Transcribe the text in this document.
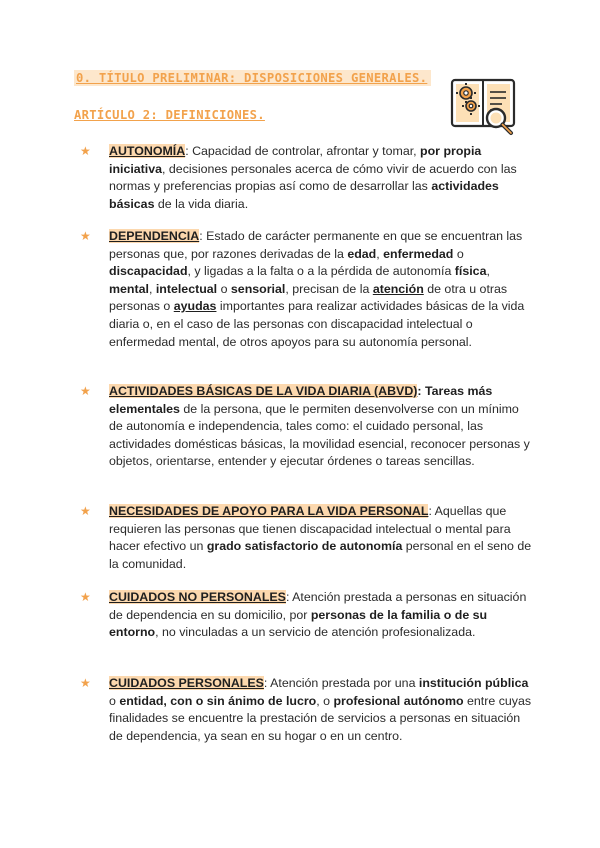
0. TÍTULO PRELIMINAR: DISPOSICIONES GENERALES.
ARTÍCULO 2: DEFINICIONES.
★ AUTONOMÍA: Capacidad de controlar, afrontar y tomar, por propia iniciativa, decisiones personales acerca de cómo vivir de acuerdo con las normas y preferencias propias así como de desarrollar las actividades básicas de la vida diaria.
★ DEPENDENCIA: Estado de carácter permanente en que se encuentran las personas que, por razones derivadas de la edad, enfermedad o discapacidad, y ligadas a la falta o a la pérdida de autonomía física, mental, intelectual o sensorial, precisan de la atención de otra u otras personas o ayudas importantes para realizar actividades básicas de la vida diaria o, en el caso de las personas con discapacidad intelectual o enfermedad mental, de otros apoyos para su autonomía personal.
★ ACTIVIDADES BÁSICAS DE LA VIDA DIARIA (ABVD): Tareas más elementales de la persona, que le permiten desenvolverse con un mínimo de autonomía e independencia, tales como: el cuidado personal, las actividades domésticas básicas, la movilidad esencial, reconocer personas y objetos, orientarse, entender y ejecutar órdenes o tareas sencillas.
★ NECESIDADES DE APOYO PARA LA VIDA PERSONAL: Aquellas que requieren las personas que tienen discapacidad intelectual o mental para hacer efectivo un grado satisfactorio de autonomía personal en el seno de la comunidad.
★ CUIDADOS NO PERSONALES: Atención prestada a personas en situación de dependencia en su domicilio, por personas de la familia o de su entorno, no vinculadas a un servicio de atención profesionalizada.
★ CUIDADOS PERSONALES: Atención prestada por una institución pública o entidad, con o sin ánimo de lucro, o profesional autónomo entre cuyas finalidades se encuentre la prestación de servicios a personas en situación de dependencia, ya sean en su hogar o en un centro.
